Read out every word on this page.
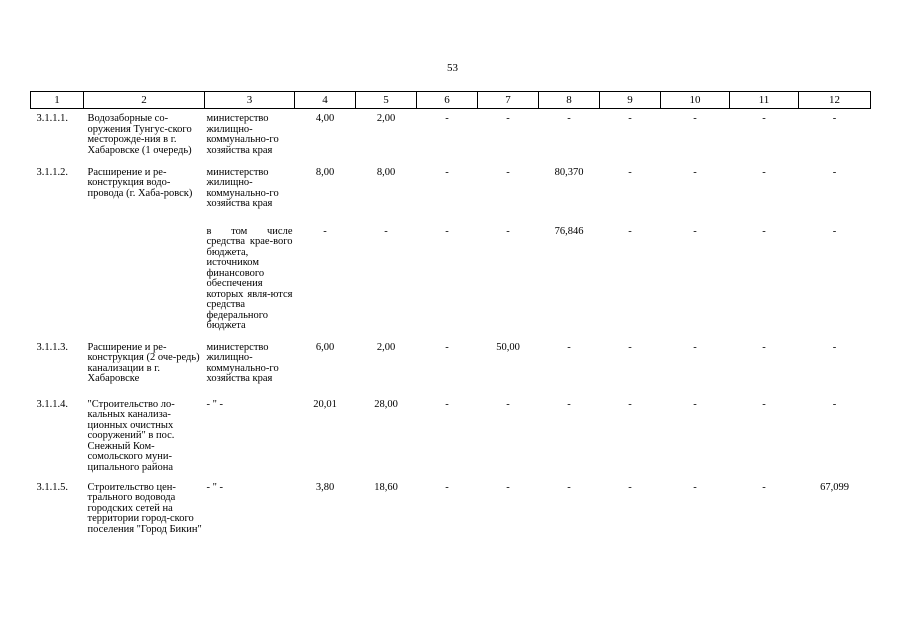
53
1	2	3	4	5	6	7	8	9	10	11	12
3.1.1.1.	Водозаборные со-оружения Тунгус-ского месторожде-ния в г. Хабаровске (1 очередь)	министерство жилищно-коммунально-го хозяйства края	4,00	2,00	-	-	-	-	-	-	-
3.1.1.2.	Расширение и ре-конструкция водо-провода (г. Хаба-ровск)	министерство жилищно-коммунально-го хозяйства края	8,00	8,00	-	-	80,370	-	-	-	-
		в том числе средства крае-вого бюджета, источником финансового обеспечения которых явля-ются средства федерального бюджета	-	-	-	-	76,846	-	-	-	-
3.1.1.3.	Расширение и ре-конструкция (2 оче-редь) канализации в г. Хабаровске	министерство жилищно-коммунально-го хозяйства края	6,00	2,00	-	50,00	-	-	-	-	-
3.1.1.4.	"Строительство ло-кальных канализа-ционных очистных сооружений" в пос. Снежный Ком-сомольского муни-ципального района	- " -	20,01	28,00	-	-	-	-	-	-	-
3.1.1.5.	Строительство цен-трального водовода городских сетей на территории город-ского поселения "Город Бикин"	- " -	3,80	18,60	-	-	-	-	-	-	67,099
